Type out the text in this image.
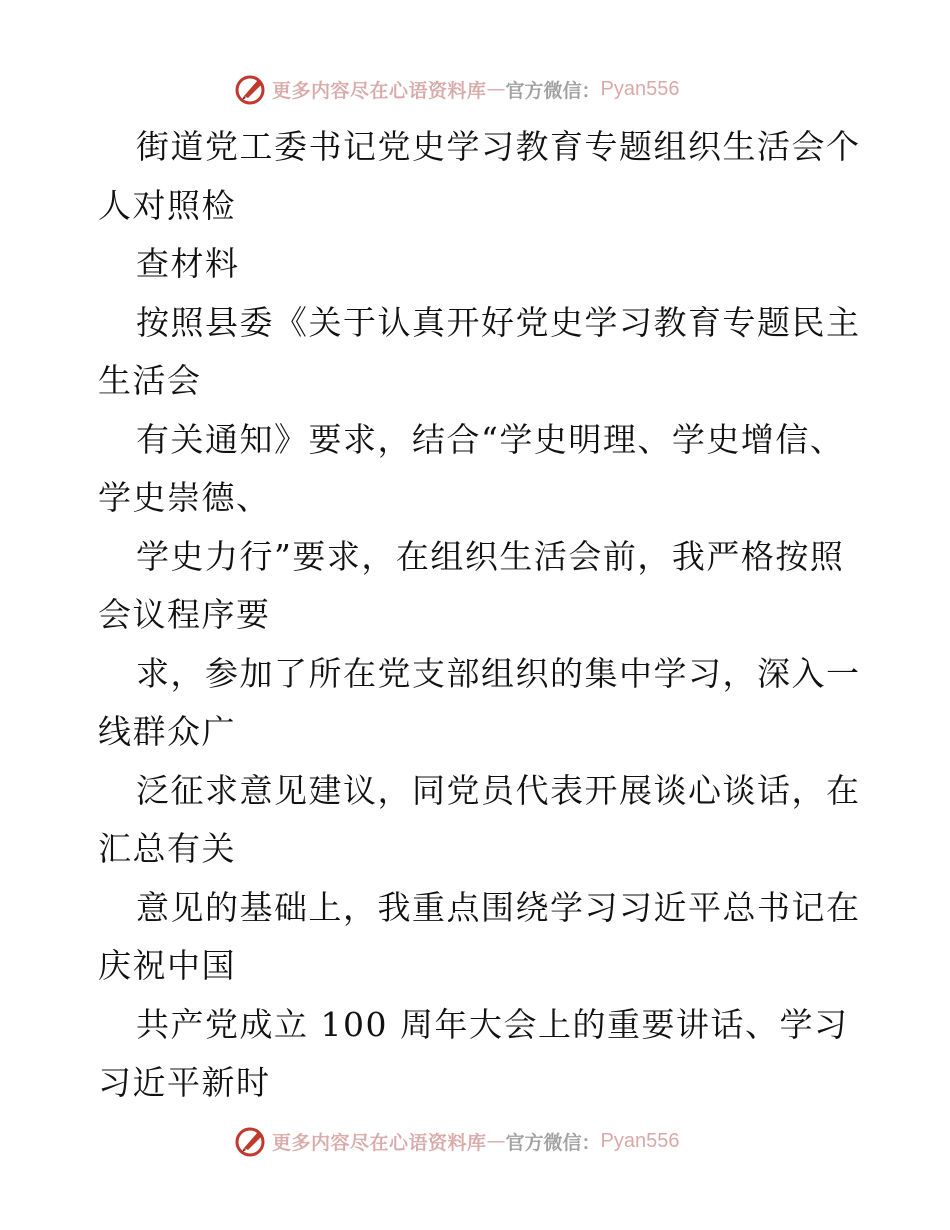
更多内容尽在心语资料库 — 官方微信： Pyan556
街道党工委书记党史学习教育专题组织生活会个
人对照检
查材料
按照县委《关于认真开好党史学习教育专题民主
生活会
有关通知》要求，结合“学史明理、学史增信、
学史崇德、
学史力行”要求，在组织生活会前，我严格按照
会议程序要
求，参加了所在党支部组织的集中学习，深入一
线群众广
泛征求意见建议，同党员代表开展谈心谈话，在
汇总有关
意见的基础上，我重点围绕学习习近平总书记在
庆祝中国
共产党成立 100 周年大会上的重要讲话、学习
习近平新时
更多内容尽在心语资料库 — 官方微信： Pyan556
